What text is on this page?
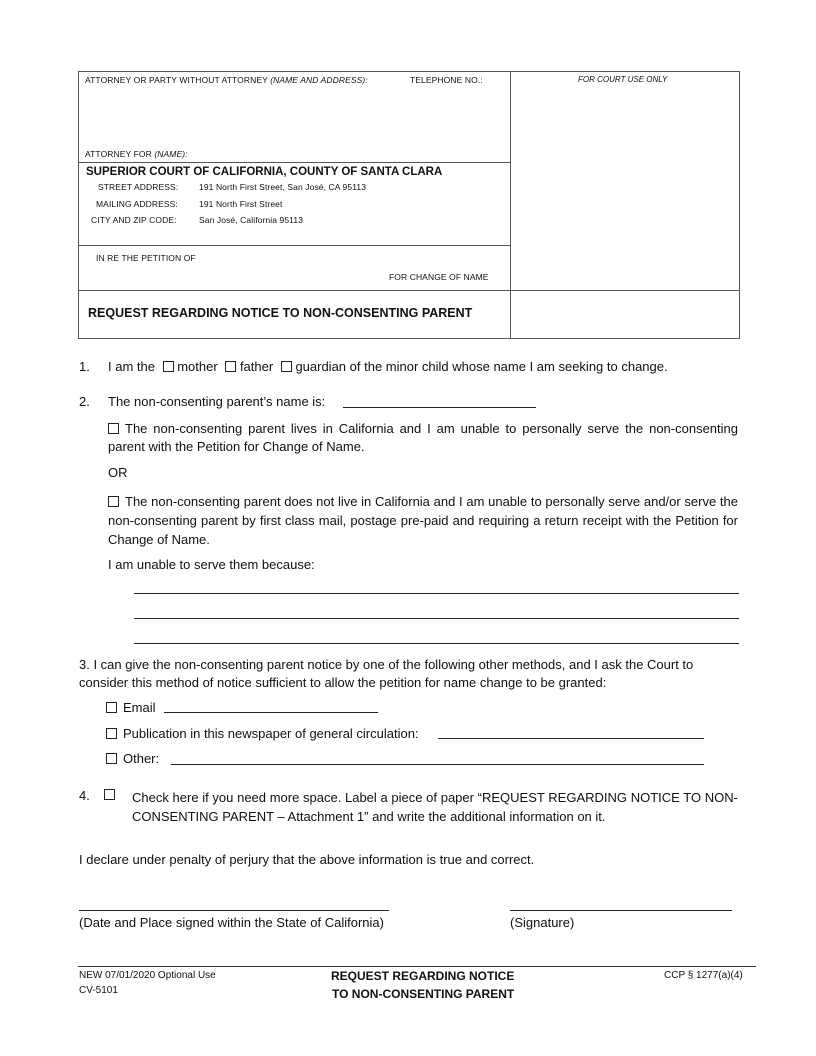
ATTORNEY OR PARTY WITHOUT ATTORNEY (NAME AND ADDRESS):	TELEPHONE NO.:	FOR COURT USE ONLY
ATTORNEY FOR (NAME):
SUPERIOR COURT OF CALIFORNIA, COUNTY OF SANTA CLARA
STREET ADDRESS: 191 North First Street, San José, CA 95113
MAILING ADDRESS: 191 North First Street
CITY AND ZIP CODE:	San José, California 95113
IN RE THE PETITION OF
FOR CHANGE OF NAME
REQUEST REGARDING NOTICE TO NON-CONSENTING PARENT
1. I am the mother father guardian of the minor child whose name I am seeking to change.
2. The non-consenting parent’s name is:
The non-consenting parent lives in California and I am unable to personally serve the non-consenting parent with the Petition for Change of Name.
OR
The non-consenting parent does not live in California and I am unable to personally serve and/or serve the non-consenting parent by first class mail, postage pre-paid and requiring a return receipt with the Petition for Change of Name.
I am unable to serve them because:
3. I can give the non-consenting parent notice by one of the following other methods, and I ask the Court to consider this method of notice sufficient to allow the petition for name change to be granted:
Email
Publication in this newspaper of general circulation:
Other:
4.	Check here if you need more space. Label a piece of paper “REQUEST REGARDING NOTICE TO NON-CONSENTING PARENT – Attachment 1” and write the additional information on it.
I declare under penalty of perjury that the above information is true and correct.
(Date and Place signed within the State of California)	(Signature)
NEW 07/01/2020 Optional Use
CV-5101
REQUEST REGARDING NOTICE
TO NON-CONSENTING PARENT
CCP § 1277(a)(4)
